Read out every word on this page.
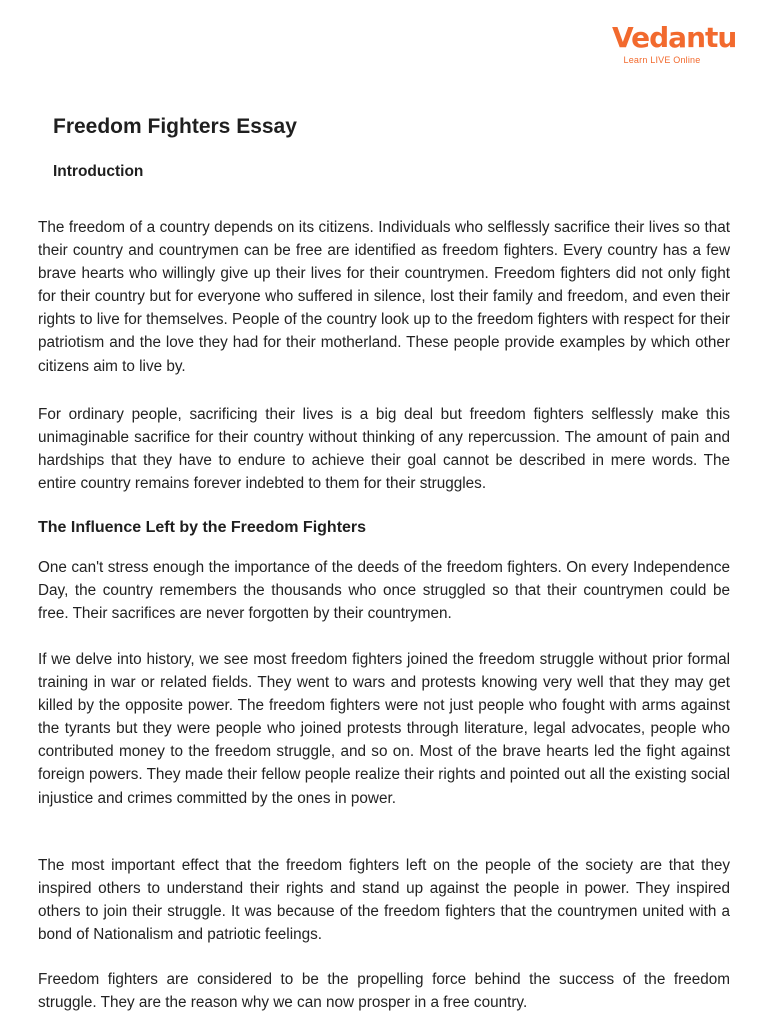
Vedantu
Learn LIVE Online
Freedom Fighters Essay
Introduction

The freedom of a country depends on its citizens. Individuals who selflessly sacrifice their lives so that their country and countrymen can be free are identified as freedom fighters. Every country has a few brave hearts who willingly give up their lives for their countrymen. Freedom fighters did not only fight for their country but for everyone who suffered in silence, lost their family and freedom, and even their rights to live for themselves. People of the country look up to the freedom fighters with respect for their patriotism and the love they had for their motherland. These people provide examples by which other citizens aim to live by.

For ordinary people, sacrificing their lives is a big deal but freedom fighters selflessly make this unimaginable sacrifice for their country without thinking of any repercussion. The amount of pain and hardships that they have to endure to achieve their goal cannot be described in mere words. The entire country remains forever indebted to them for their struggles.

The Influence Left by the Freedom Fighters

One can't stress enough the importance of the deeds of the freedom fighters. On every Independence Day, the country remembers the thousands who once struggled so that their countrymen could be free. Their sacrifices are never forgotten by their countrymen.

If we delve into history, we see most freedom fighters joined the freedom struggle without prior formal training in war or related fields. They went to wars and protests knowing very well that they may get killed by the opposite power. The freedom fighters were not just people who fought with arms against the tyrants but they were people who joined protests through literature, legal advocates, people who contributed money to the freedom struggle, and so on. Most of the brave hearts led the fight against foreign powers. They made their fellow people realize their rights and pointed out all the existing social injustice and crimes committed by the ones in power.

The most important effect that the freedom fighters left on the people of the society are that they inspired others to understand their rights and stand up against the people in power. They inspired others to join their struggle. It was because of the freedom fighters that the countrymen united with a bond of Nationalism and patriotic feelings.

Freedom fighters are considered to be the propelling force behind the success of the freedom struggle. They are the reason why we can now prosper in a free country.
